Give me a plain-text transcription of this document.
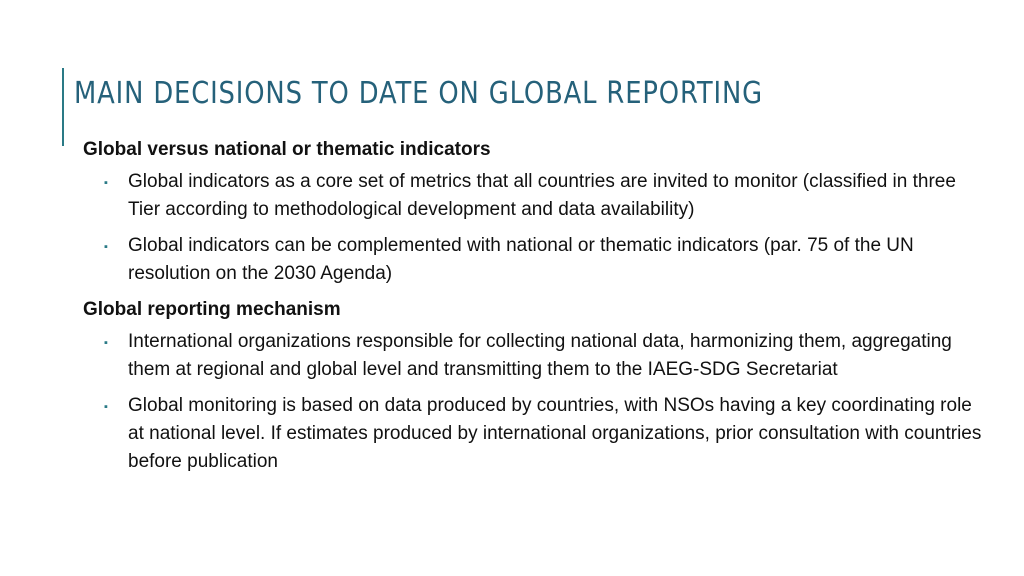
MAIN DECISIONS TO DATE ON GLOBAL REPORTING

Global versus national or thematic indicators

▪ Global indicators as a core set of metrics that all countries are invited to monitor (classified in three Tier according to methodological development and data availability)
▪ Global indicators can be complemented with national or thematic indicators (par. 75 of the UN resolution on the 2030 Agenda)

Global reporting mechanism

▪ International organizations responsible for collecting national data, harmonizing them, aggregating them at regional and global level and transmitting them to the IAEG-SDG Secretariat
▪ Global monitoring is based on data produced by countries, with NSOs having a key coordinating role at national level. If estimates produced by international organizations, prior consultation with countries before publication
